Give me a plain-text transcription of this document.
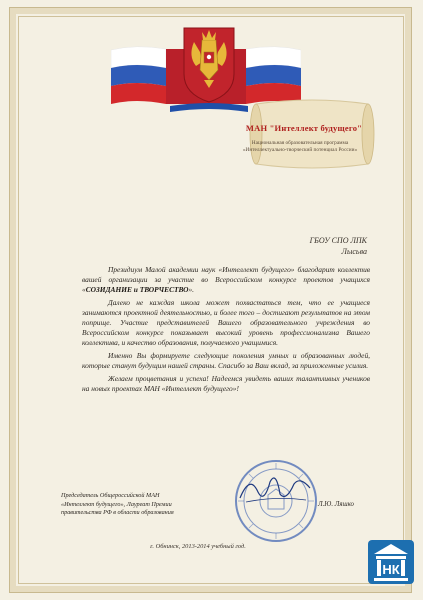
МАН "Интеллект будущего"
Национальная образовательная программа
«Интеллектуально-творческий потенциал России»
ГБОУ СПО ЛПК
Лысьва

Президиум Малой академии наук «Интеллект будущего» благодарит коллектив вашей организации за участие во Всероссийском конкурсе проектов учащихся «СОЗИДАНИЕ и ТВОРЧЕСТВО».

Далеко не каждая школа может похвастаться тем, что ее учащиеся занимаются проектной деятельностью, и более того – достигают результатов на этом поприще. Участие представителей Вашего образовательного учреждения во Всероссийском конкурсе показывает высокий уровень профессионализма Вашего коллектива, и качество образования, получаемого учащимися.

Именно Вы формируете следующие поколения умных и образованных людей, которые станут будущим нашей страны. Спасибо за Ваш вклад, за приложенные усилия.

Желаем процветания и успеха! Надеемся увидеть ваших талантливых учеников на новых проектах МАН «Интеллект будущего»!

Председатель Общероссийской МАН
«Интеллект будущего», Лауреат Премии
правительства РФ в области образования
Л.Ю. Ляшко
г. Обнинск, 2013-2014 учебный год.
НК
